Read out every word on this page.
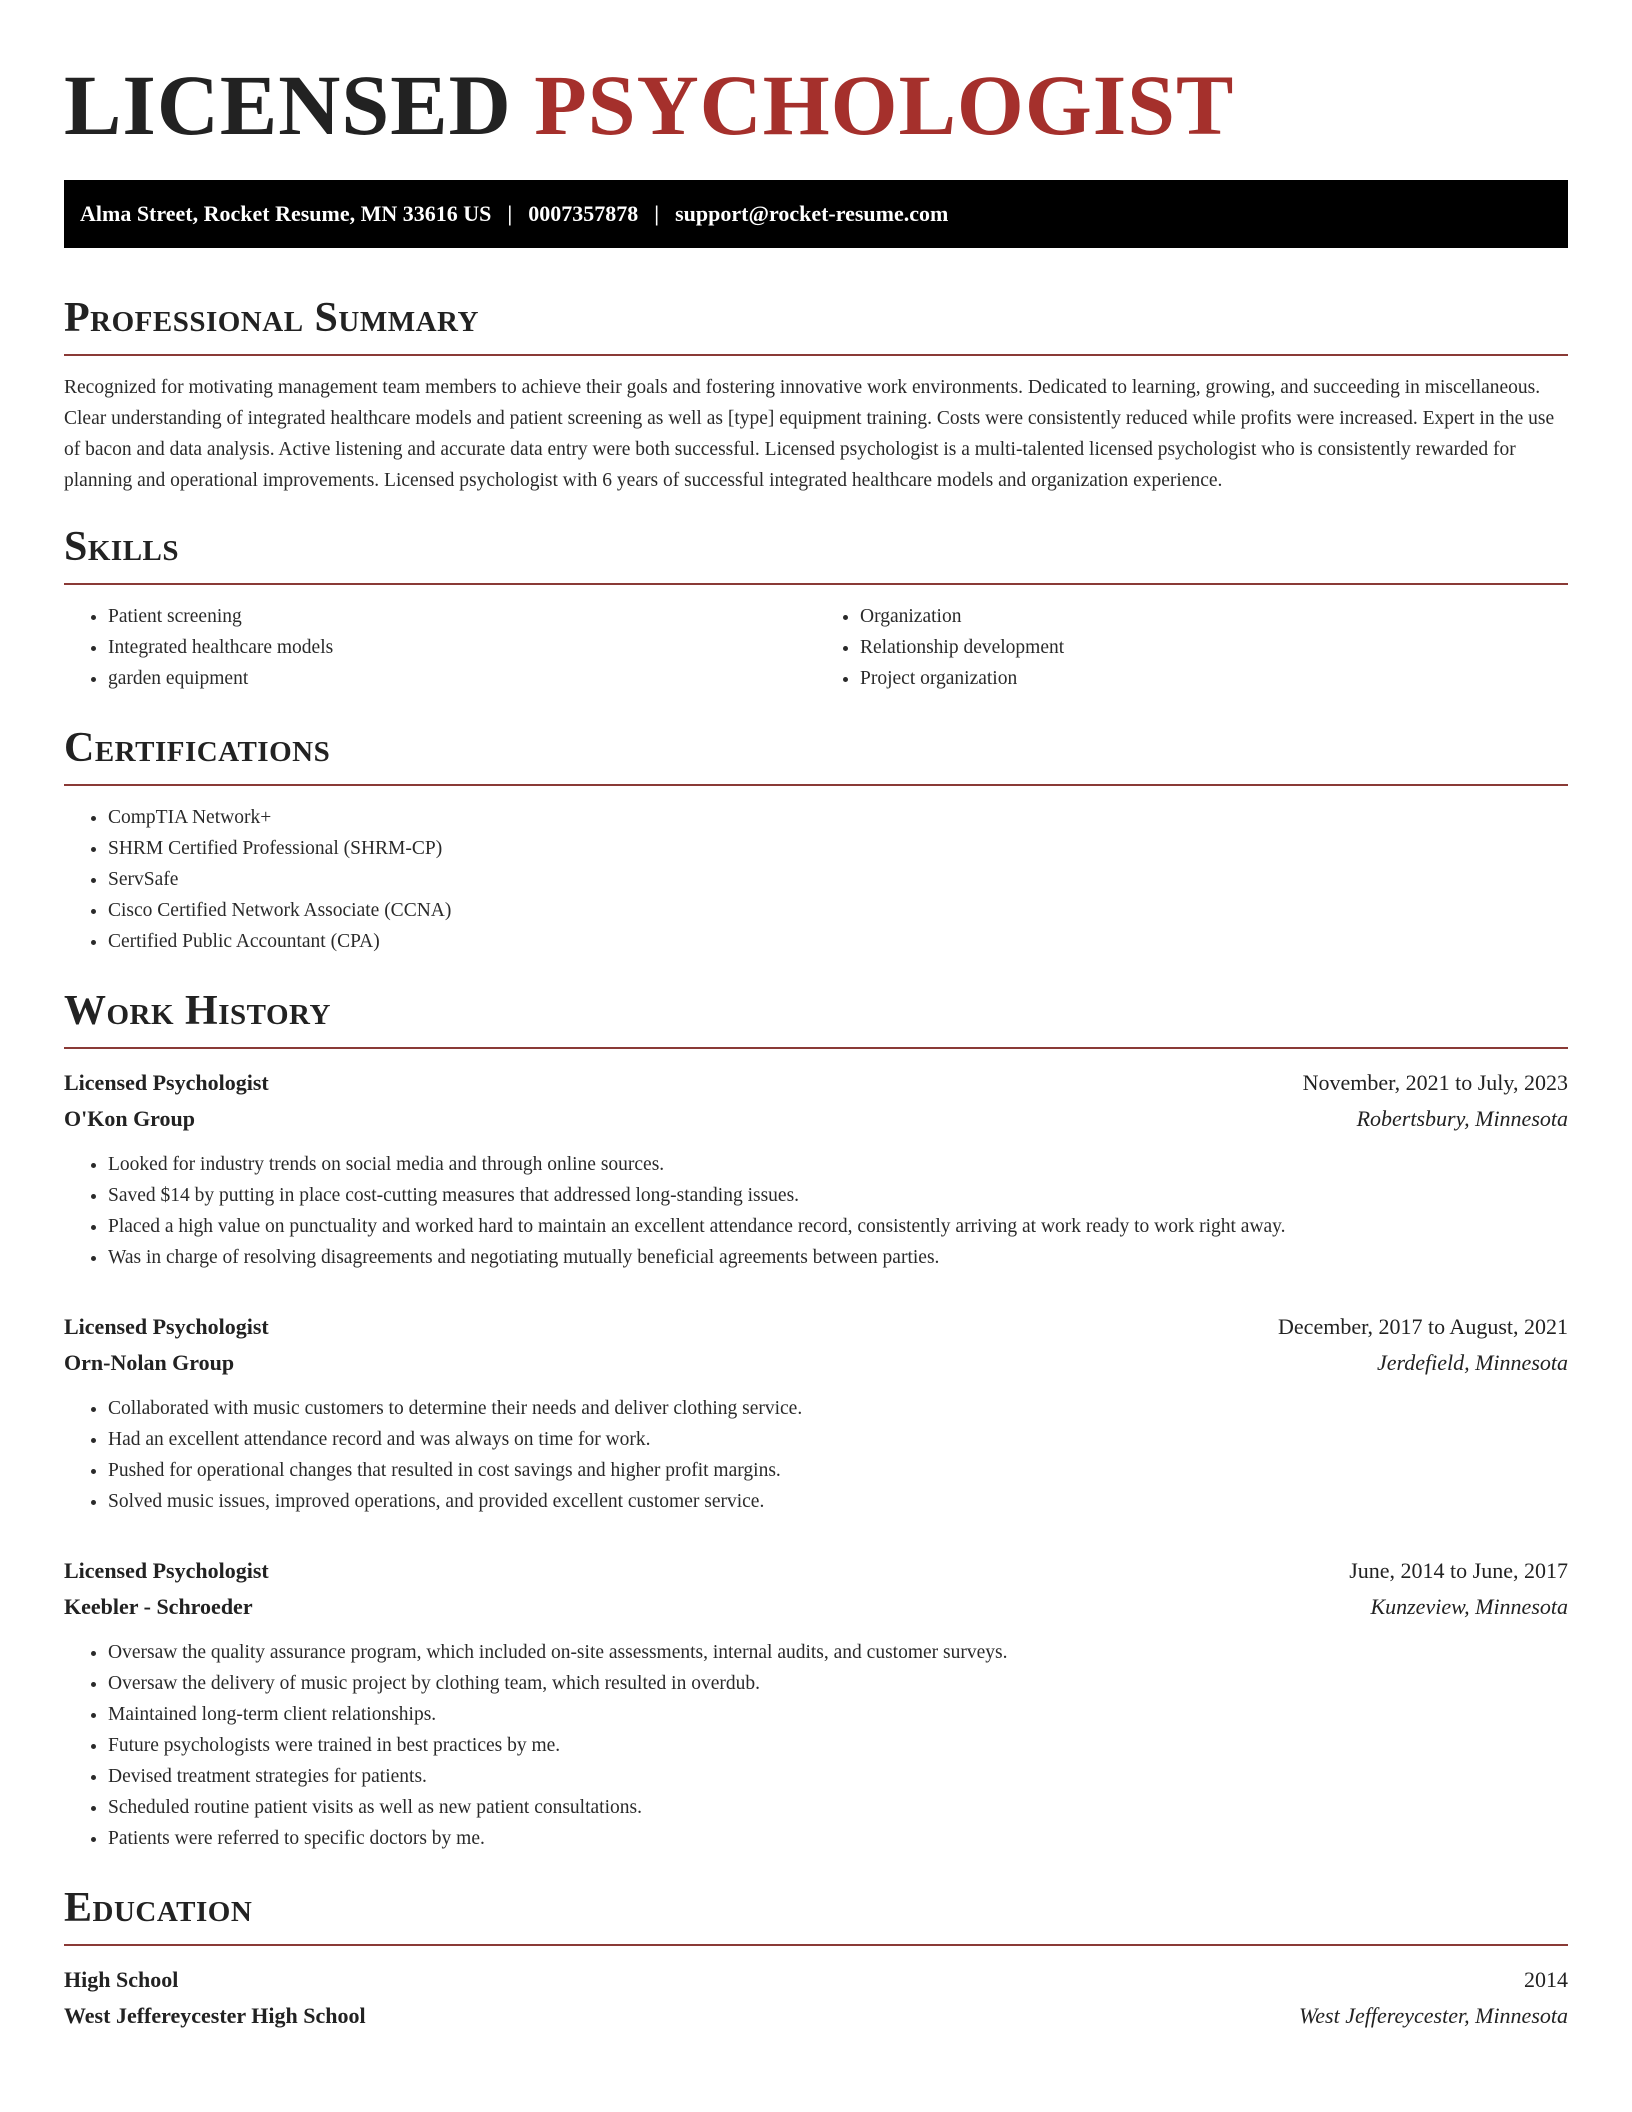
LICENSED PSYCHOLOGIST
Alma Street, Rocket Resume, MN 33616 US | 0007357878 | support@rocket-resume.com
Professional Summary

Recognized for motivating management team members to achieve their goals and fostering innovative work environments. Dedicated to learning, growing, and succeeding in miscellaneous. Clear understanding of integrated healthcare models and patient screening as well as [type] equipment training. Costs were consistently reduced while profits were increased. Expert in the use of bacon and data analysis. Active listening and accurate data entry were both successful. Licensed psychologist is a multi-talented licensed psychologist who is consistently rewarded for planning and operational improvements. Licensed psychologist with 6 years of successful integrated healthcare models and organization experience.

Skills
• Patient screening
• Integrated healthcare models
• garden equipment
• Organization
• Relationship development
• Project organization
Certifications
• CompTIA Network+
• SHRM Certified Professional (SHRM-CP)
• ServSafe
• Cisco Certified Network Associate (CCNA)
• Certified Public Accountant (CPA)
Work History
Licensed Psychologist	November, 2021 to July, 2023
O'Kon Group	Robertsbury, Minnesota
• Looked for industry trends on social media and through online sources.
• Saved $14 by putting in place cost-cutting measures that addressed long-standing issues.
• Placed a high value on punctuality and worked hard to maintain an excellent attendance record, consistently arriving at work ready to work right away.
• Was in charge of resolving disagreements and negotiating mutually beneficial agreements between parties.
Licensed Psychologist	December, 2017 to August, 2021
Orn-Nolan Group	Jerdefield, Minnesota
• Collaborated with music customers to determine their needs and deliver clothing service.
• Had an excellent attendance record and was always on time for work.
• Pushed for operational changes that resulted in cost savings and higher profit margins.
• Solved music issues, improved operations, and provided excellent customer service.
Licensed Psychologist	June, 2014 to June, 2017
Keebler - Schroeder	Kunzeview, Minnesota
• Oversaw the quality assurance program, which included on-site assessments, internal audits, and customer surveys.
• Oversaw the delivery of music project by clothing team, which resulted in overdub.
• Maintained long-term client relationships.
• Future psychologists were trained in best practices by me.
• Devised treatment strategies for patients.
• Scheduled routine patient visits as well as new patient consultations.
• Patients were referred to specific doctors by me.
Education
High School	2014
West Jeffereycester High School	West Jeffereycester, Minnesota
